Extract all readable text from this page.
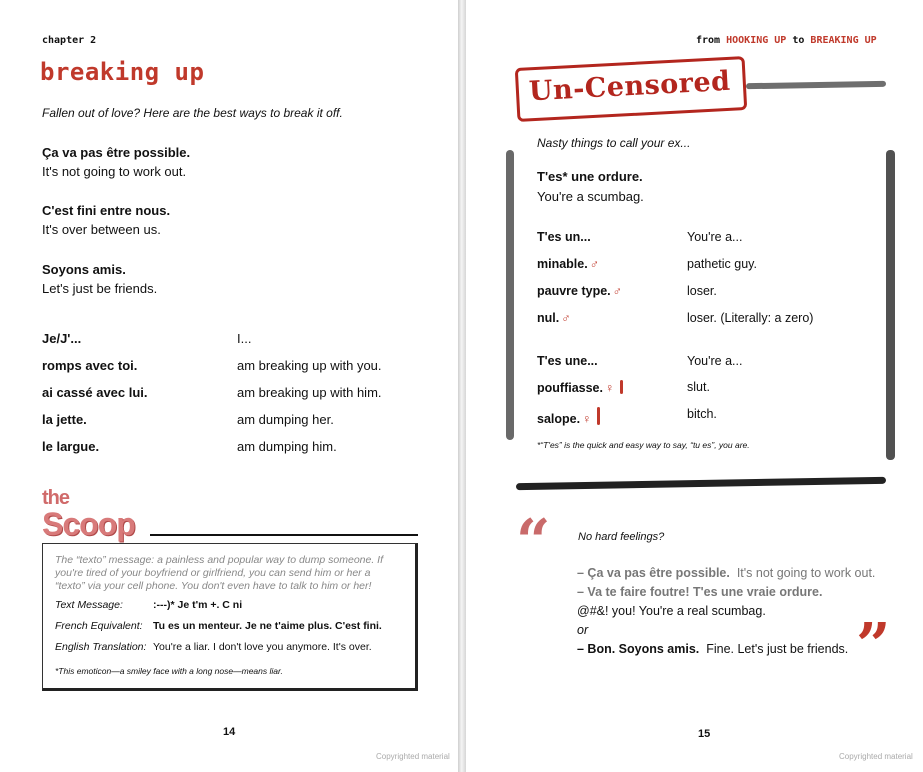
chapter 2
breaking up
Fallen out of love? Here are the best ways to break it off.
Ça va pas être possible.
It's not going to work out.
C'est fini entre nous.
It's over between us.
Soyons amis.
Let's just be friends.
Je/J'...	I...
romps avec toi.	am breaking up with you.
ai cassé avec lui.	am breaking up with him.
la jette.	am dumping her.
le largue.	am dumping him.
the
Scoop
The “texto” message: a painless and popular way to dump someone. If you're tired of your boyfriend or girlfriend, you can send him or her a “texto” via your cell phone. You don't even have to talk to him or her!
Text Message:	:---)* Je t'm +. C ni
French Equivalent: Tu es un menteur. Je ne t'aime plus. C'est fini.
English Translation: You're a liar. I don't love you anymore. It's over.
*This emoticon—a smiley face with a long nose—means liar.
14
Copyrighted material
from HOOKING UP to BREAKING UP
Un-Censored
Nasty things to call your ex...
T'es* une ordure.
You're a scumbag.
T'es un...	You're a...
minable. ♂	pathetic guy.
pauvre type. ♂	loser.
nul. ♂	loser. (Literally: a zero)
T'es une...	You're a...
pouffiasse. ♀	slut.
salope. ♀	bitch.
*“T'es” is the quick and easy way to say, “tu es”, you are.
“ No hard feelings?
– Ça va pas être possible. It's not going to work out.
– Va te faire foutre! T'es une vraie ordure.
@#&! you! You're a real scumbag.
or
– Bon. Soyons amis. Fine. Let's just be friends. ”
15
Copyrighted material
